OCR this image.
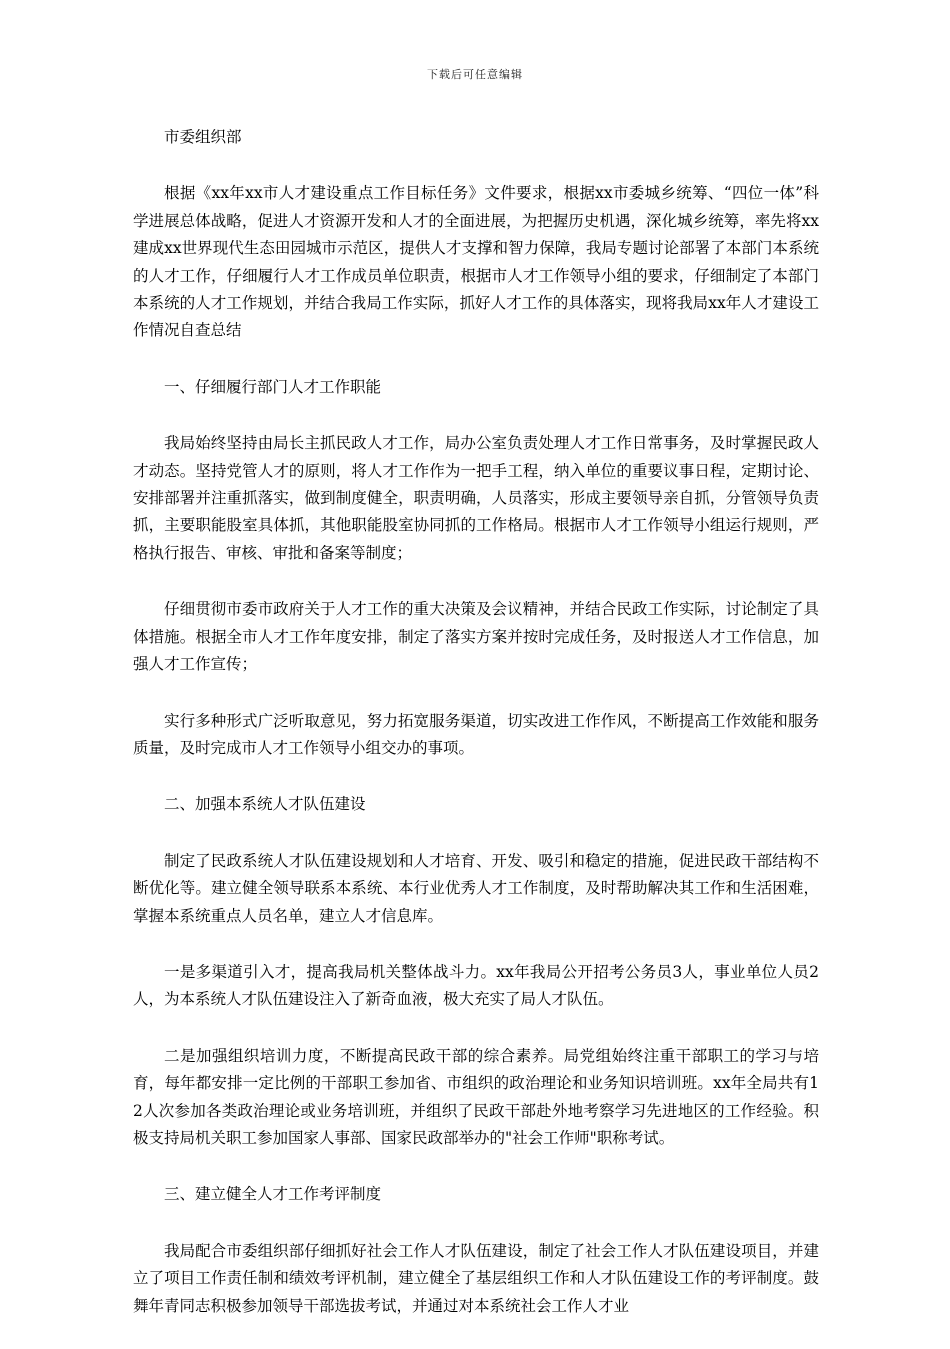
下载后可任意编辑

市委组织部

根据《xx年xx市人才建设重点工作目标任务》文件要求，根据xx市委城乡统筹、“四位一体”科学进展总体战略，促进人才资源开发和人才的全面进展，为把握历史机遇，深化城乡统筹，率先将xx建成xx世界现代生态田园城市示范区，提供人才支撑和智力保障，我局专题讨论部署了本部门本系统的人才工作，仔细履行人才工作成员单位职责，根据市人才工作领导小组的要求，仔细制定了本部门本系统的人才工作规划，并结合我局工作实际，抓好人才工作的具体落实，现将我局xx年人才建设工作情况自查总结

一、仔细履行部门人才工作职能

我局始终坚持由局长主抓民政人才工作，局办公室负责处理人才工作日常事务，及时掌握民政人才动态。坚持党管人才的原则，将人才工作作为一把手工程，纳入单位的重要议事日程，定期讨论、安排部署并注重抓落实，做到制度健全，职责明确，人员落实，形成主要领导亲自抓，分管领导负责抓，主要职能股室具体抓，其他职能股室协同抓的工作格局。根据市人才工作领导小组运行规则，严格执行报告、审核、审批和备案等制度；

仔细贯彻市委市政府关于人才工作的重大决策及会议精神，并结合民政工作实际，讨论制定了具体措施。根据全市人才工作年度安排，制定了落实方案并按时完成任务，及时报送人才工作信息，加强人才工作宣传；

实行多种形式广泛听取意见，努力拓宽服务渠道，切实改进工作作风，不断提高工作效能和服务质量，及时完成市人才工作领导小组交办的事项。

二、加强本系统人才队伍建设

制定了民政系统人才队伍建设规划和人才培育、开发、吸引和稳定的措施，促进民政干部结构不断优化等。建立健全领导联系本系统、本行业优秀人才工作制度，及时帮助解决其工作和生活困难，掌握本系统重点人员名单，建立人才信息库。

一是多渠道引入才，提高我局机关整体战斗力。xx年我局公开招考公务员3人，事业单位人员2人，为本系统人才队伍建设注入了新奇血液，极大充实了局人才队伍。

二是加强组织培训力度，不断提高民政干部的综合素养。局党组始终注重干部职工的学习与培育，每年都安排一定比例的干部职工参加省、市组织的政治理论和业务知识培训班。xx年全局共有12人次参加各类政治理论或业务培训班，并组织了民政干部赴外地考察学习先进地区的工作经验。积极支持局机关职工参加国家人事部、国家民政部举办的"社会工作师"职称考试。

三、建立健全人才工作考评制度

我局配合市委组织部仔细抓好社会工作人才队伍建设，制定了社会工作人才队伍建设项目，并建立了项目工作责任制和绩效考评机制，建立健全了基层组织工作和人才队伍建设工作的考评制度。鼓舞年青同志积极参加领导干部选拔考试，并通过对本系统社会工作人才业
